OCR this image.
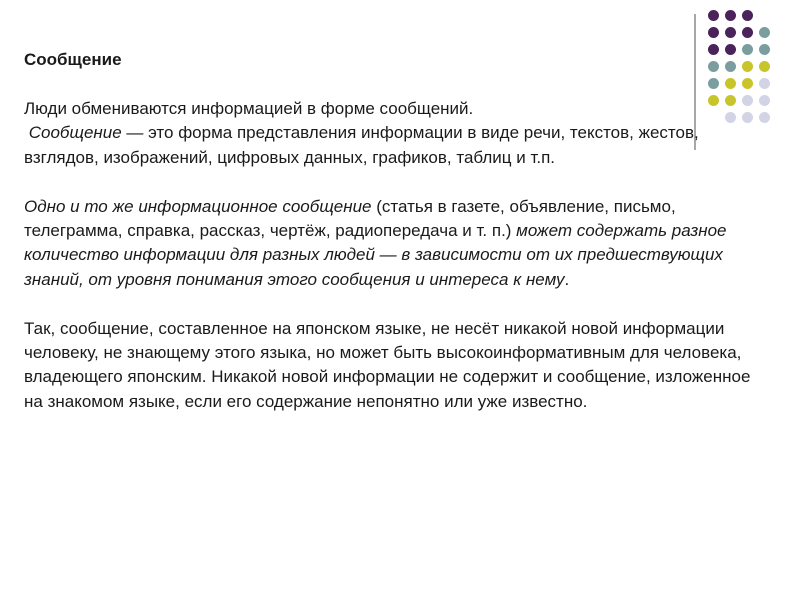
Сообщение

Люди обмениваются информацией в форме сообщений.

Сообщение — это форма представления информации в виде речи, текстов, жестов, взглядов, изображений, цифровых данных, графиков, таблиц и т.п.

Одно и то же информационное сообщение (статья в газете, объявление, письмо, телеграмма, справка, рассказ, чертёж, радиопередача и т. п.) может содержать разное количество информации для разных людей — в зависимости от их предшествующих знаний, от уровня понимания этого сообщения и интереса к нему.

Так, сообщение, составленное на японском языке, не несёт никакой новой информации человеку, не знающему этого языка, но может быть высокоинформативным для человека, владеющего японским. Никакой новой информации не содержит и сообщение, изложенное на знакомом языке, если его содержание непонятно или уже известно.
